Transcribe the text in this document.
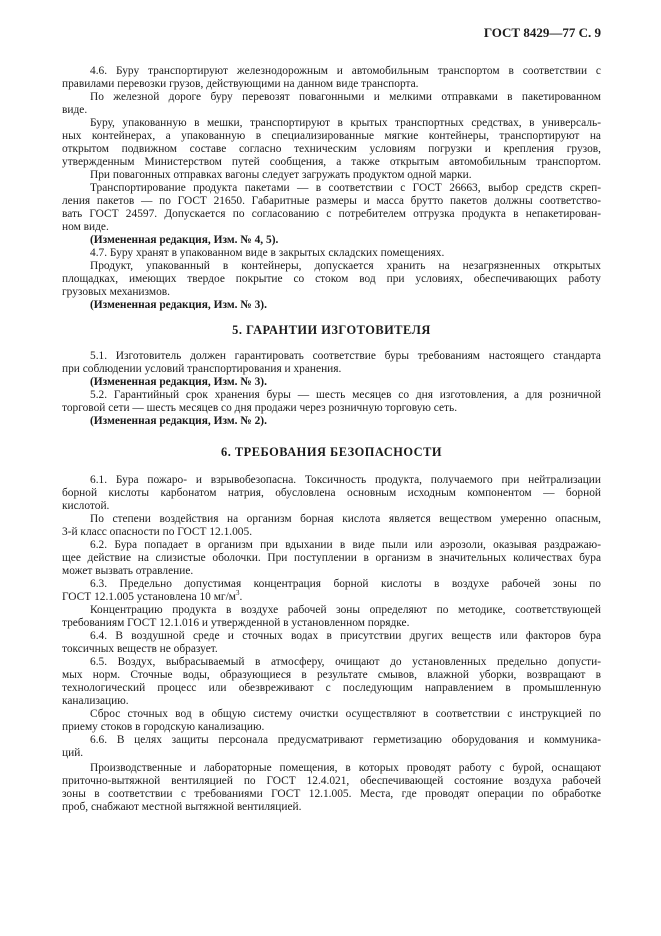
ГОСТ 8429—77 С. 9
4.6. Буру транспортируют железнодорожным и автомобильным транспортом в соответствии с
правилами перевозки грузов, действующими на данном виде транспорта.
По железной дороге буру перевозят повагонными и мелкими отправками в пакетированном
виде.
Буру, упакованную в мешки, транспортируют в крытых транспортных средствах, в универсаль-
ных контейнерах, а упакованную в специализированные мягкие контейнеры, транспортируют на
открытом подвижном составе согласно техническим условиям погрузки и крепления грузов,
утвержденным Министерством путей сообщения, а также открытым автомобильным транспортом.
При повагонных отправках вагоны следует загружать продуктом одной марки.
Транспортирование продукта пакетами — в соответствии с ГОСТ 26663, выбор средств скреп-
ления пакетов — по ГОСТ 21650. Габаритные размеры и масса брутто пакетов должны соответство-
вать ГОСТ 24597. Допускается по согласованию с потребителем отгрузка продукта в непакетирован-
ном виде.
(Измененная редакция, Изм. № 4, 5).
4.7. Буру хранят в упакованном виде в закрытых складских помещениях.
Продукт, упакованный в контейнеры, допускается хранить на незагрязненных открытых
площадках, имеющих твердое покрытие со стоком вод при условиях, обеспечивающих работу
грузовых механизмов.
(Измененная редакция, Изм. № 3).
5. ГАРАНТИИ ИЗГОТОВИТЕЛЯ
5.1. Изготовитель должен гарантировать соответствие буры требованиям настоящего стандарта
при соблюдении условий транспортирования и хранения.
(Измененная редакция, Изм. № 3).
5.2. Гарантийный срок хранения буры — шесть месяцев со дня изготовления, а для розничной
торговой сети — шесть месяцев со дня продажи через розничную торговую сеть.
(Измененная редакция, Изм. № 2).
6. ТРЕБОВАНИЯ БЕЗОПАСНОСТИ
6.1. Бура пожаро- и взрывобезопасна. Токсичность продукта, получаемого при нейтрализации
борной кислоты карбонатом натрия, обусловлена основным исходным компонентом — борной
кислотой.
По степени воздействия на организм борная кислота является веществом умеренно опасным,
3-й класс опасности по ГОСТ 12.1.005.
6.2. Бура попадает в организм при вдыхании в виде пыли или аэрозоли, оказывая раздражаю-
щее действие на слизистые оболочки. При поступлении в организм в значительных количествах бура
может вызвать отравление.
6.3. Предельно допустимая концентрация борной кислоты в воздухе рабочей зоны по
ГОСТ 12.1.005 установлена 10 $мг/м^3$.
Концентрацию продукта в воздухе рабочей зоны определяют по методике, соответствующей
требованиям ГОСТ 12.1.016 и утвержденной в установленном порядке.
6.4. В воздушной среде и сточных водах в присутствии других веществ или факторов бура
токсичных веществ не образует.
6.5. Воздух, выбрасываемый в атмосферу, очищают до установленных предельно допусти-
мых норм. Сточные воды, образующиеся в результате смывов, влажной уборки, возвращают в
технологический процесс или обезвреживают с последующим направлением в промышленную
канализацию.
Сброс сточных вод в общую систему очистки осуществляют в соответствии с инструкцией по
приему стоков в городскую канализацию.
6.6. В целях защиты персонала предусматривают герметизацию оборудования и коммуника-
ций.
Производственные и лабораторные помещения, в которых проводят работу с бурой, оснащают
приточно-вытяжной вентиляцией по ГОСТ 12.4.021, обеспечивающей состояние воздуха рабочей
зоны в соответствии с требованиями ГОСТ 12.1.005. Места, где проводят операции по обработке
проб, снабжают местной вытяжной вентиляцией.
